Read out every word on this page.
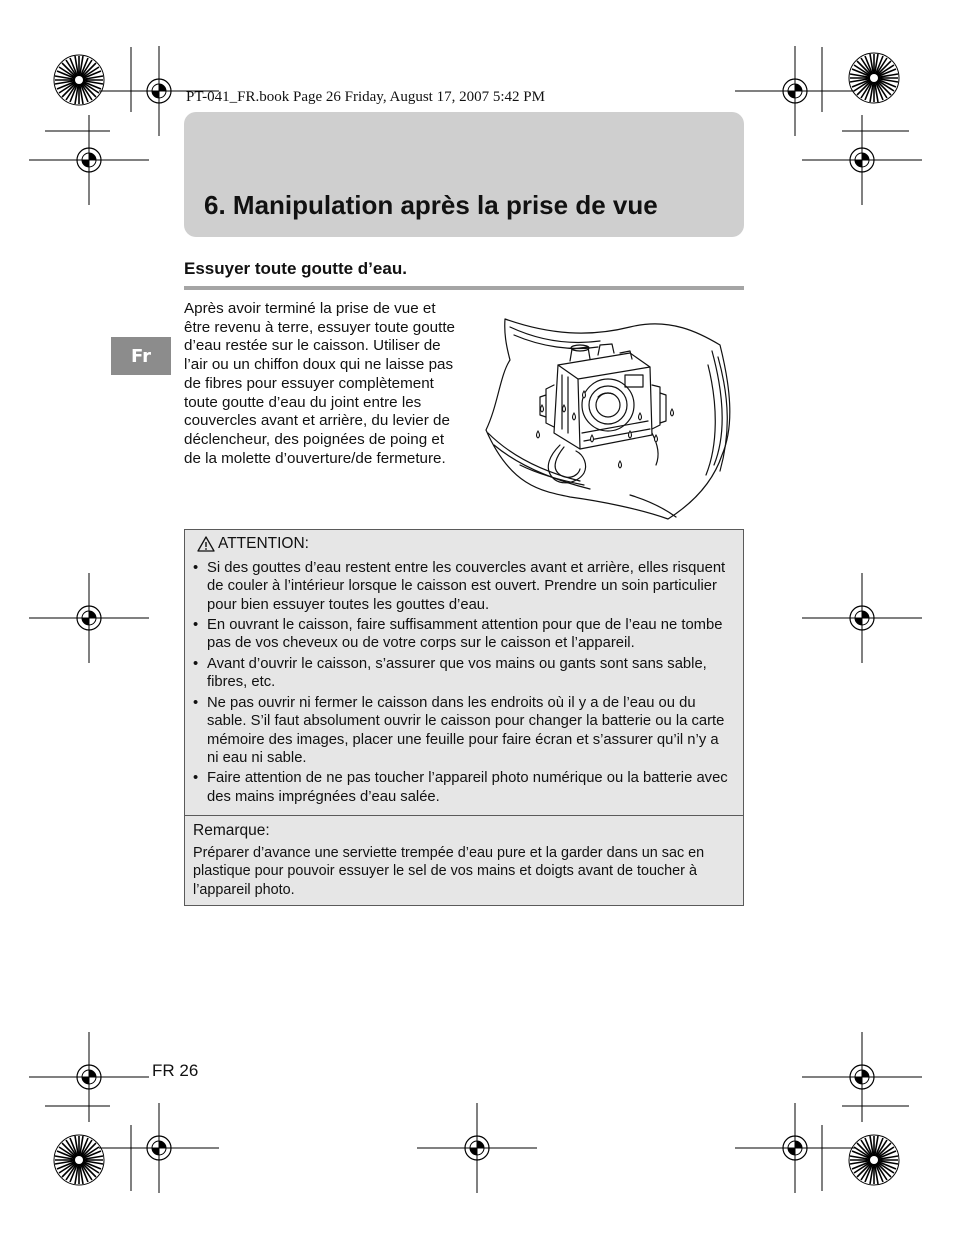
PT-041_FR.book Page 26 Friday, August 17, 2007 5:42 PM
6. Manipulation après la prise de vue
Fr
Essuyer toute goutte d’eau.

Après avoir terminé la prise de vue et être revenu à terre, essuyer toute goutte d’eau restée sur le caisson. Utiliser de l’air ou un chiffon doux qui ne laisse pas de fibres pour essuyer complètement toute goutte d’eau du joint entre les couvercles avant et arrière, du levier de déclencheur, des poignées de poing et de la molette d’ouverture/de fermeture.

ATTENTION:
• Si des gouttes d’eau restent entre les couvercles avant et arrière, elles risquent de couler à l’intérieur lorsque le caisson est ouvert. Prendre un soin particulier pour bien essuyer toutes les gouttes d’eau.
• En ouvrant le caisson, faire suffisamment attention pour que de l’eau ne tombe pas de vos cheveux ou de votre corps sur le caisson et l’appareil.
• Avant d’ouvrir le caisson, s’assurer que vos mains ou gants sont sans sable, fibres, etc.
• Ne pas ouvrir ni fermer le caisson dans les endroits où il y a de l’eau ou du sable. S’il faut absolument ouvrir le caisson pour changer la batterie ou la carte mémoire des images, placer une feuille pour faire écran et s’assurer qu’il n’y a ni eau ni sable.
• Faire attention de ne pas toucher l’appareil photo numérique ou la batterie avec des mains imprégnées d’eau salée.
Remarque:

Préparer d’avance une serviette trempée d’eau pure et la garder dans un sac en plastique pour pouvoir essuyer le sel de vos mains et doigts avant de toucher à l’appareil photo.

FR 26
